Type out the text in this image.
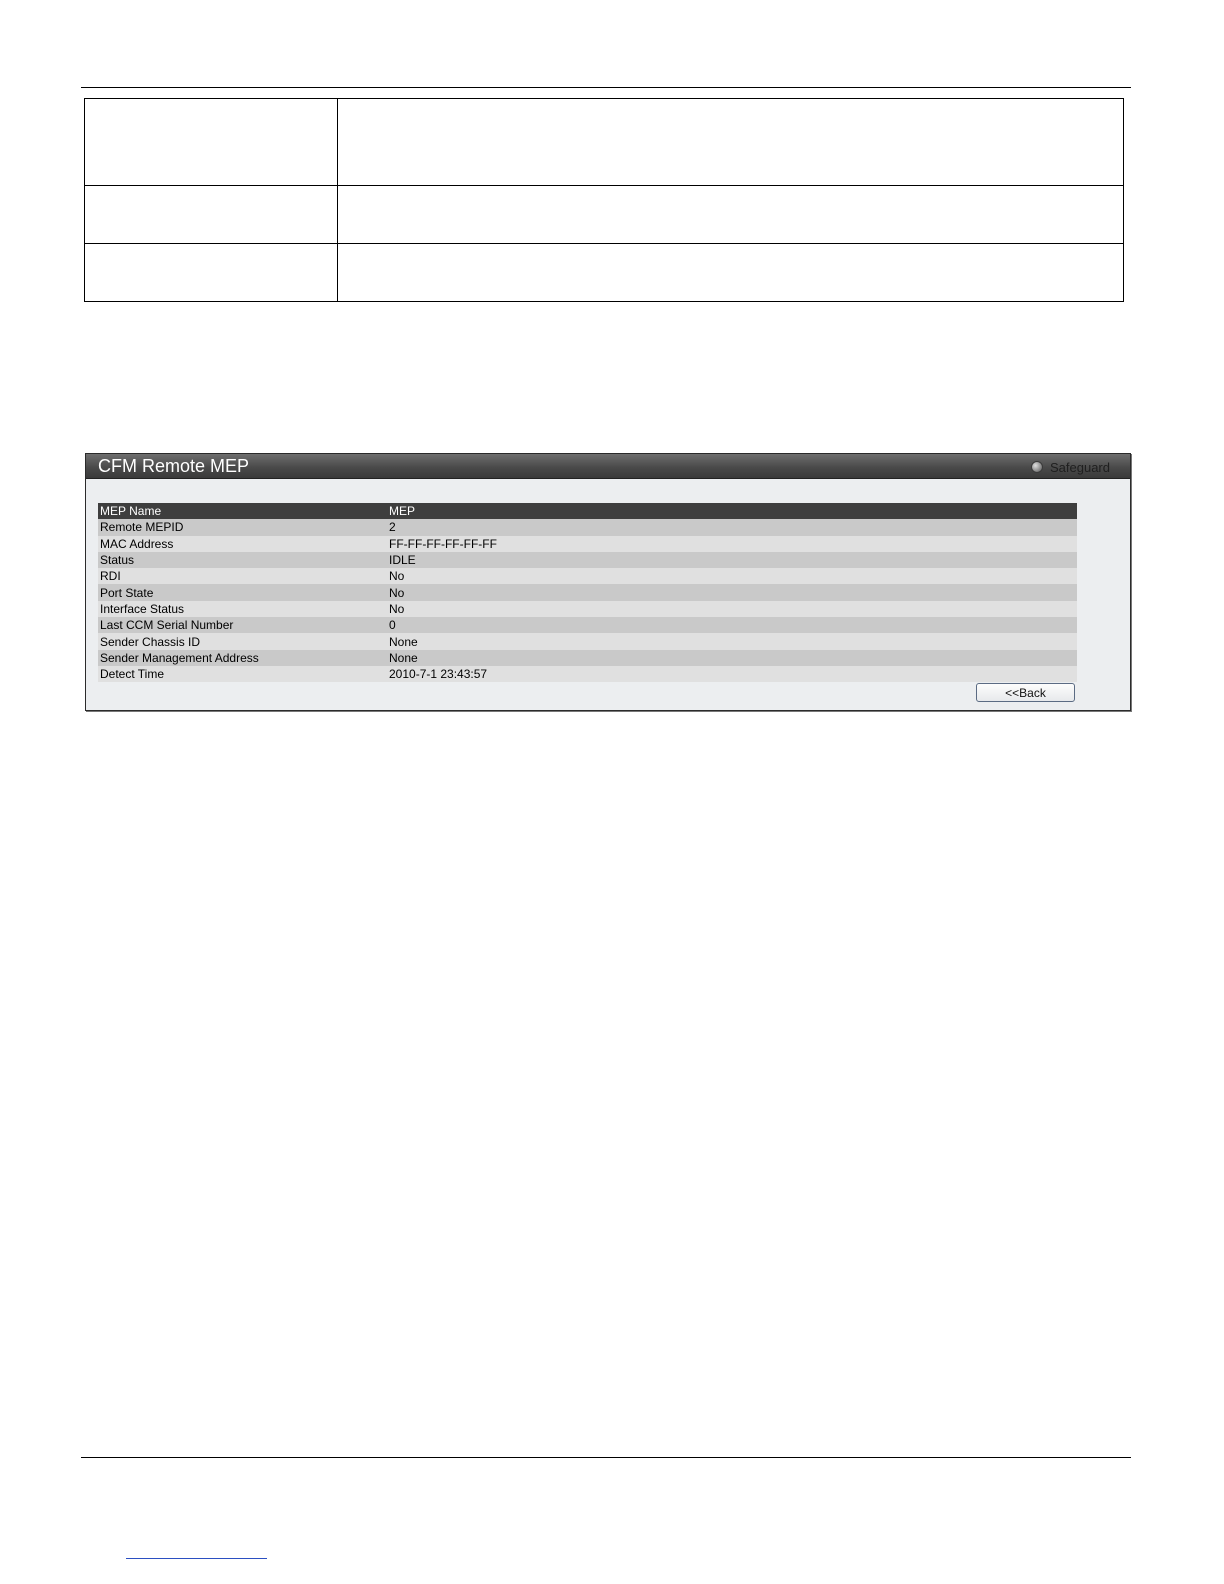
CFM Remote MEP	Safeguard
MEP Name	MEP
Remote MEPID	2
MAC Address	FF-FF-FF-FF-FF-FF
Status	IDLE
RDI	No
Port State	No
Interface Status	No
Last CCM Serial Number	0
Sender Chassis ID	None
Sender Management Address	None
Detect Time	2010-7-1 23:43:57
<<Back
